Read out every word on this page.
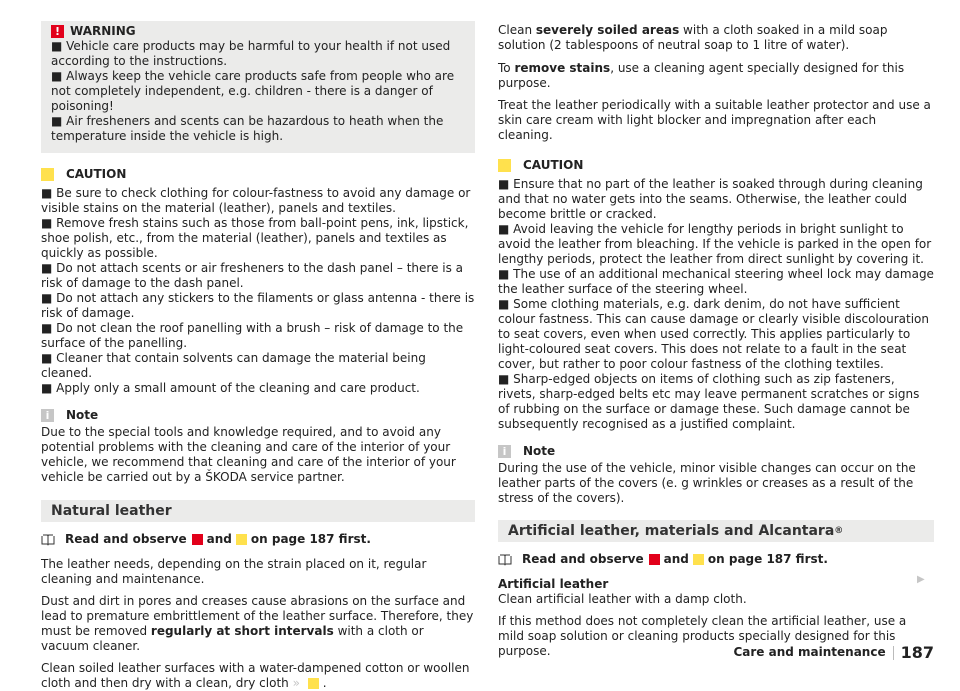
! WARNING

■ Vehicle care products may be harmful to your health if not used according to the instructions.

■ Always keep the vehicle care products safe from people who are not completely independent, e.g. children - there is a danger of poisoning!

■ Air fresheners and scents can be hazardous to heath when the temperature inside the vehicle is high.

!	CAUTION

■ Be sure to check clothing for colour-fastness to avoid any damage or visible stains on the material (leather), panels and textiles.

■ Remove fresh stains such as those from ball-point pens, ink, lipstick, shoe polish, etc., from the material (leather), panels and textiles as quickly as possible.

■ Do not attach scents or air fresheners to the dash panel – there is a risk of damage to the dash panel.

■ Do not attach any stickers to the filaments or glass antenna - there is risk of damage.

■ Do not clean the roof panelling with a brush – risk of damage to the surface of the panelling.

■ Cleaner that contain solvents can damage the material being cleaned.

■ Apply only a small amount of the cleaning and care product.

i	Note

Due to the special tools and knowledge required, and to avoid any potential problems with the cleaning and care of the interior of your vehicle, we recommend that cleaning and care of the interior of your vehicle be carried out by a ŠKODA service partner.

Natural leather
Read and observe and on page 187 first.

The leather needs, depending on the strain placed on it, regular cleaning and maintenance.

Dust and dirt in pores and creases cause abrasions on the surface and lead to premature embrittlement of the leather surface. Therefore, they must be removed regularly at short intervals with a cloth or vacuum cleaner.

Clean soiled leather surfaces with a water-dampened cotton or woollen cloth and then dry with a clean, dry cloth » .

Clean severely soiled areas with a cloth soaked in a mild soap solution (2 tablespoons of neutral soap to 1 litre of water).

To remove stains, use a cleaning agent specially designed for this purpose.

Treat the leather periodically with a suitable leather protector and use a skin care cream with light blocker and impregnation after each cleaning.

!	CAUTION

■ Ensure that no part of the leather is soaked through during cleaning and that no water gets into the seams. Otherwise, the leather could become brittle or cracked.

■ Avoid leaving the vehicle for lengthy periods in bright sunlight to avoid the leather from bleaching. If the vehicle is parked in the open for lengthy periods, protect the leather from direct sunlight by covering it.

■ The use of an additional mechanical steering wheel lock may damage the leather surface of the steering wheel.

■ Some clothing materials, e.g. dark denim, do not have sufficient colour fastness. This can cause damage or clearly visible discolouration to seat covers, even when used correctly. This applies particularly to light-coloured seat covers. This does not relate to a fault in the seat cover, but rather to poor colour fastness of the clothing textiles.

■ Sharp-edged objects on items of clothing such as zip fasteners, rivets, sharp-edged belts etc may leave permanent scratches or signs of rubbing on the surface or damage these. Such damage cannot be subsequently recognised as a justified complaint.

i	Note

During the use of the vehicle, minor visible changes can occur on the leather parts of the covers (e. g wrinkles or creases as a result of the stress of the covers).

Artificial leather, materials and Alcantara ®
Read and observe and on page 187 first.

Artificial leather

Clean artificial leather with a damp cloth.

If this method does not completely clean the artificial leather, use a mild soap solution or cleaning products specially designed for this purpose.

▶
Care and maintenance 187
